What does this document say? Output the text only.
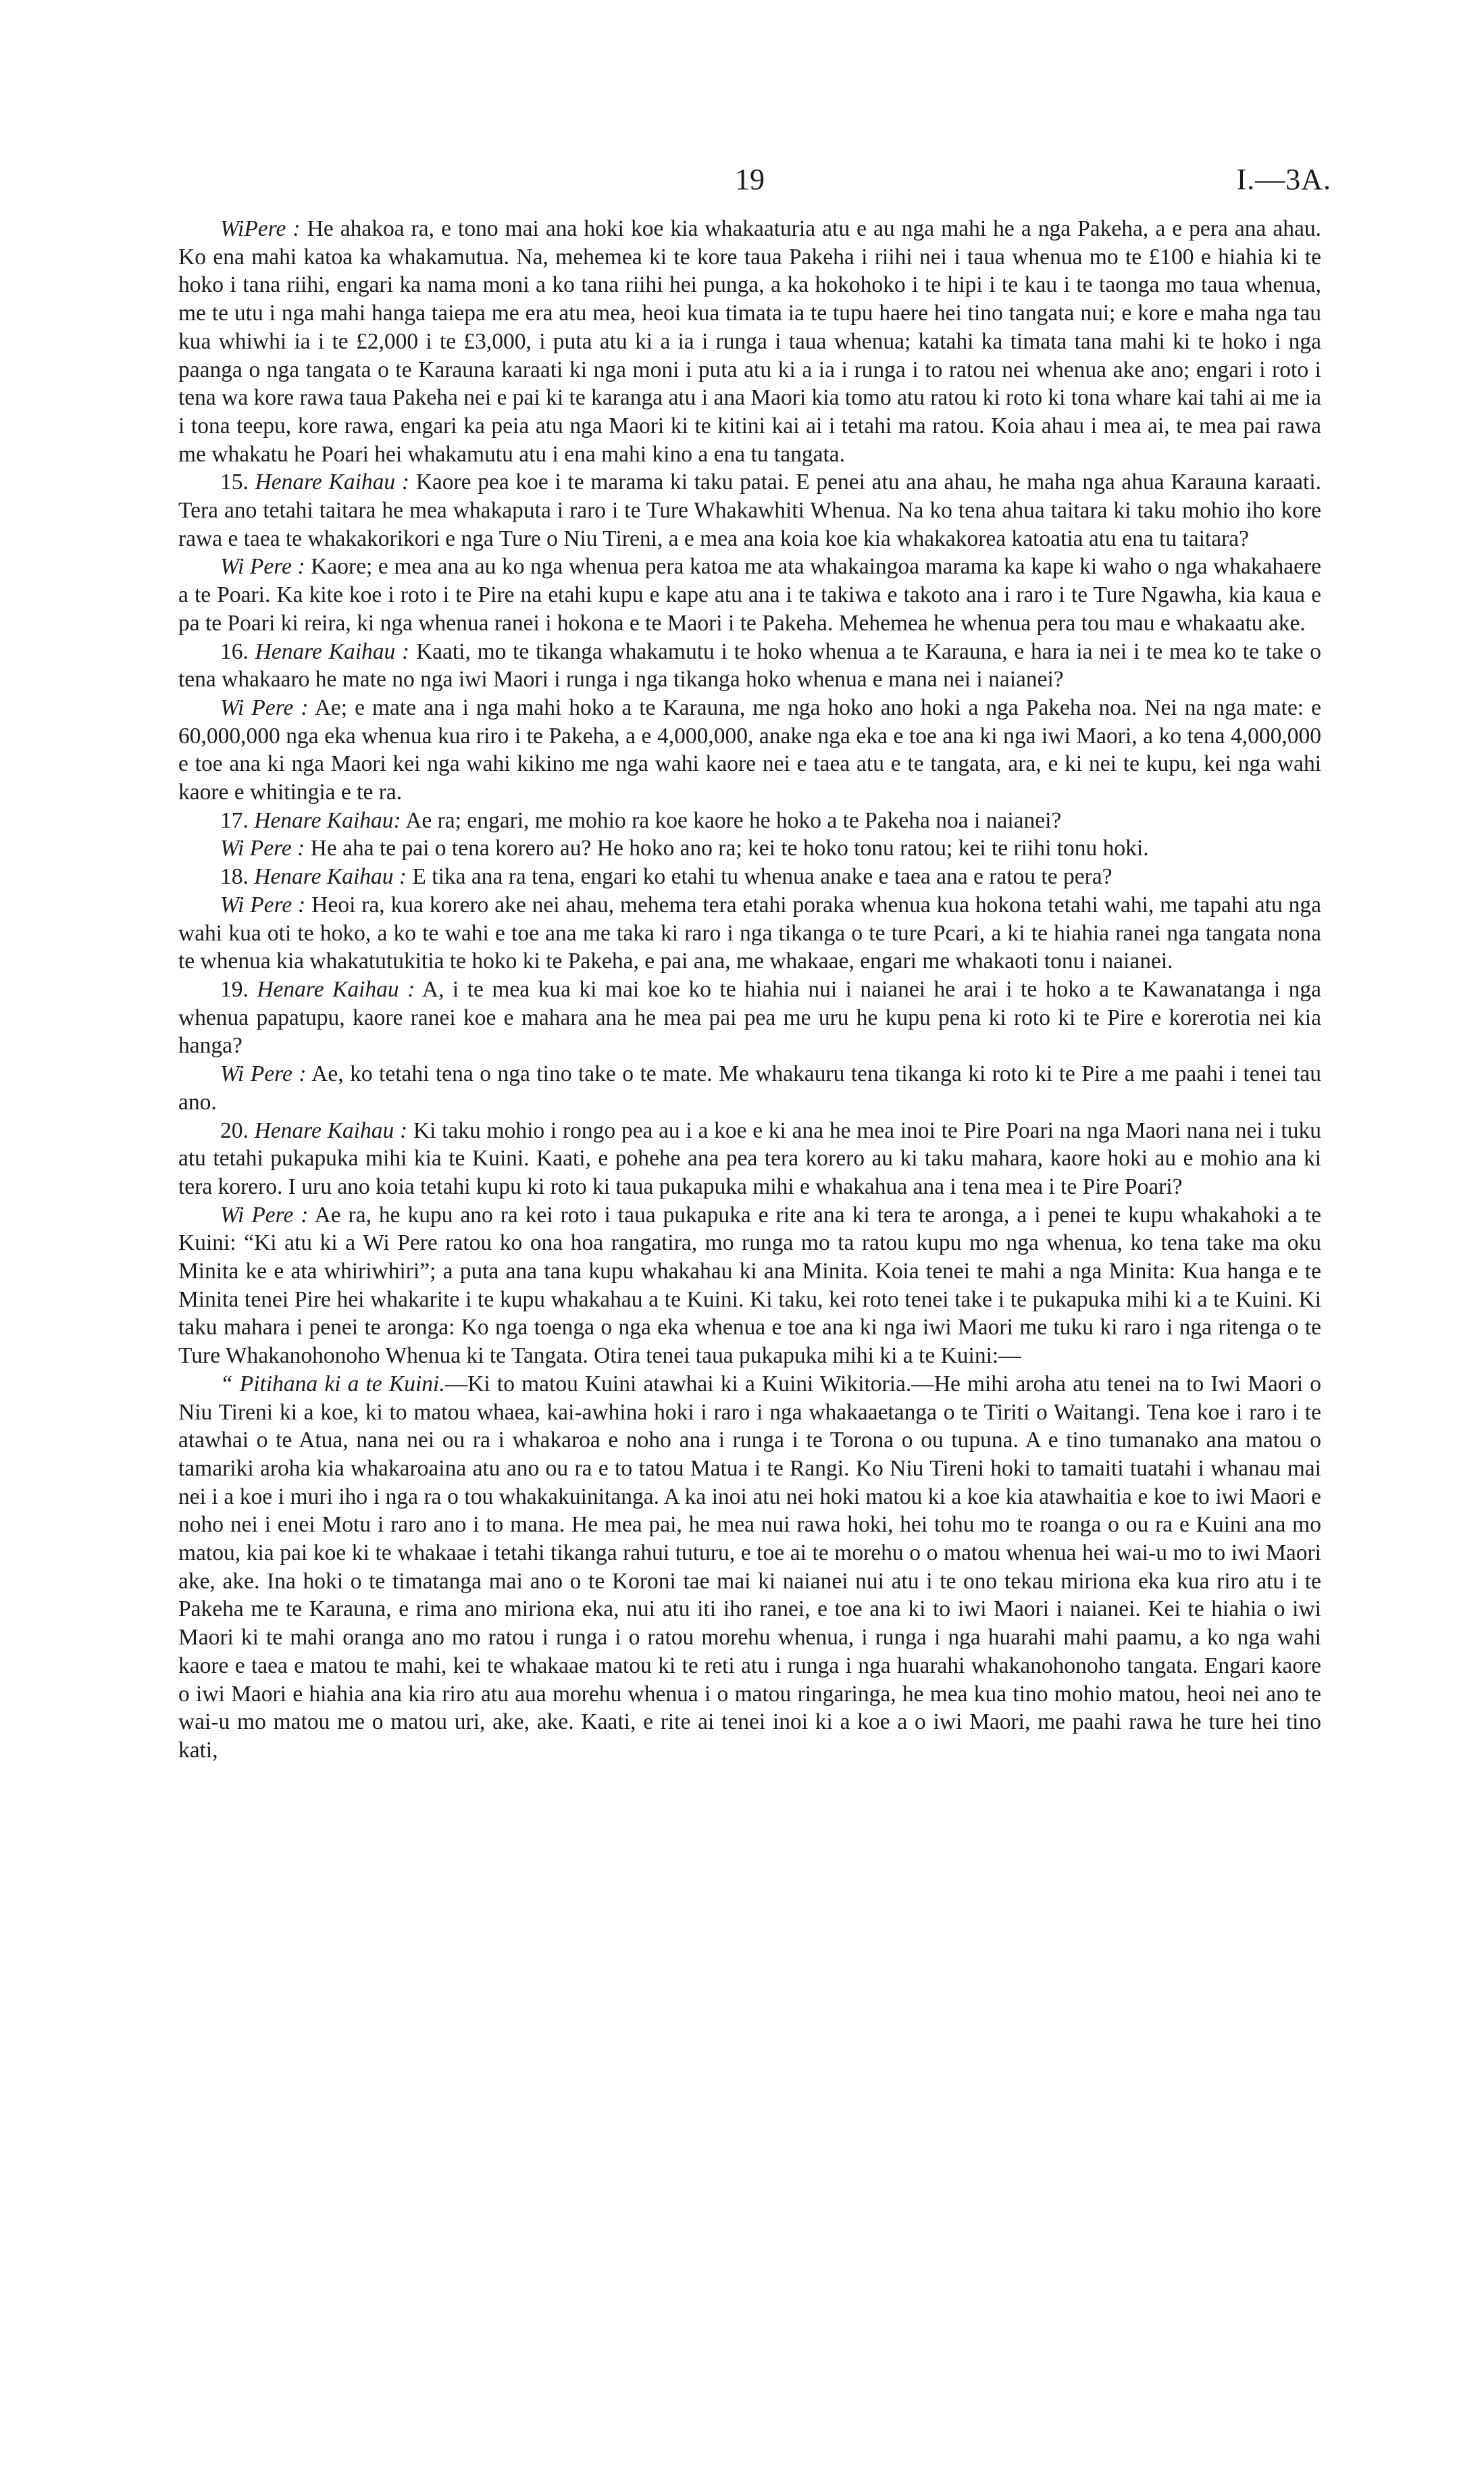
19	I.—3A.

WiPere : He ahakoa ra, e tono mai ana hoki koe kia whakaaturia atu e au nga mahi he a nga Pakeha, a e pera ana ahau. Ko ena mahi katoa ka whakamutua. Na, mehemea ki te kore taua Pakeha i riihi nei i taua whenua mo te £100 e hiahia ki te hoko i tana riihi, engari ka nama moni a ko tana riihi hei punga, a ka hokohoko i te hipi i te kau i te taonga mo taua whenua, me te utu i nga mahi hanga taiepa me era atu mea, heoi kua timata ia te tupu haere hei tino tangata nui; e kore e maha nga tau kua whiwhi ia i te £2,000 i te £3,000, i puta atu ki a ia i runga i taua whenua; katahi ka timata tana mahi ki te hoko i nga paanga o nga tangata o te Karauna karaati ki nga moni i puta atu ki a ia i runga i to ratou nei whenua ake ano; engari i roto i tena wa kore rawa taua Pakeha nei e pai ki te karanga atu i ana Maori kia tomo atu ratou ki roto ki tona whare kai tahi ai me ia i tona teepu, kore rawa, engari ka peia atu nga Maori ki te kitini kai ai i tetahi ma ratou. Koia ahau i mea ai, te mea pai rawa me whakatu he Poari hei whakamutu atu i ena mahi kino a ena tu tangata.

15. Henare Kaihau : Kaore pea koe i te marama ki taku patai. E penei atu ana ahau, he maha nga ahua Karauna karaati. Tera ano tetahi taitara he mea whakaputa i raro i te Ture Whakawhiti Whenua. Na ko tena ahua taitara ki taku mohio iho kore rawa e taea te whakakorikori e nga Ture o Niu Tireni, a e mea ana koia koe kia whakakorea katoatia atu ena tu taitara?

Wi Pere : Kaore; e mea ana au ko nga whenua pera katoa me ata whakaingoa marama ka kape ki waho o nga whakahaere a te Poari. Ka kite koe i roto i te Pire na etahi kupu e kape atu ana i te takiwa e takoto ana i raro i te Ture Ngawha, kia kaua e pa te Poari ki reira, ki nga whenua ranei i hokona e te Maori i te Pakeha. Mehemea he whenua pera tou mau e whakaatu ake.

16. Henare Kaihau : Kaati, mo te tikanga whakamutu i te hoko whenua a te Karauna, e hara ia nei i te mea ko te take o tena whakaaro he mate no nga iwi Maori i runga i nga tikanga hoko whenua e mana nei i naianei?

Wi Pere : Ae; e mate ana i nga mahi hoko a te Karauna, me nga hoko ano hoki a nga Pakeha noa. Nei na nga mate: e 60,000,000 nga eka whenua kua riro i te Pakeha, a e 4,000,000, anake nga eka e toe ana ki nga iwi Maori, a ko tena 4,000,000 e toe ana ki nga Maori kei nga wahi kikino me nga wahi kaore nei e taea atu e te tangata, ara, e ki nei te kupu, kei nga wahi kaore e whitingia e te ra.

17. Henare Kaihau: Ae ra; engari, me mohio ra koe kaore he hoko a te Pakeha noa i naianei?

Wi Pere : He aha te pai o tena korero au? He hoko ano ra; kei te hoko tonu ratou; kei te riihi tonu hoki.

18. Henare Kaihau : E tika ana ra tena, engari ko etahi tu whenua anake e taea ana e ratou te pera?

Wi Pere : Heoi ra, kua korero ake nei ahau, mehema tera etahi poraka whenua kua hokona tetahi wahi, me tapahi atu nga wahi kua oti te hoko, a ko te wahi e toe ana me taka ki raro i nga tikanga o te ture Pcari, a ki te hiahia ranei nga tangata nona te whenua kia whakatutukitia te hoko ki te Pakeha, e pai ana, me whakaae, engari me whakaoti tonu i naianei.

19. Henare Kaihau : A, i te mea kua ki mai koe ko te hiahia nui i naianei he arai i te hoko a te Kawanatanga i nga whenua papatupu, kaore ranei koe e mahara ana he mea pai pea me uru he kupu pena ki roto ki te Pire e korerotia nei kia hanga?

Wi Pere : Ae, ko tetahi tena o nga tino take o te mate. Me whakauru tena tikanga ki roto ki te Pire a me paahi i tenei tau ano.

20. Henare Kaihau : Ki taku mohio i rongo pea au i a koe e ki ana he mea inoi te Pire Poari na nga Maori nana nei i tuku atu tetahi pukapuka mihi kia te Kuini. Kaati, e pohehe ana pea tera korero au ki taku mahara, kaore hoki au e mohio ana ki tera korero. I uru ano koia tetahi kupu ki roto ki taua pukapuka mihi e whakahua ana i tena mea i te Pire Poari?

Wi Pere : Ae ra, he kupu ano ra kei roto i taua pukapuka e rite ana ki tera te aronga, a i penei te kupu whakahoki a te Kuini: “Ki atu ki a Wi Pere ratou ko ona hoa rangatira, mo runga mo ta ratou kupu mo nga whenua, ko tena take ma oku Minita ke e ata whiriwhiri”; a puta ana tana kupu whakahau ki ana Minita. Koia tenei te mahi a nga Minita: Kua hanga e te Minita tenei Pire hei whakarite i te kupu whakahau a te Kuini. Ki taku, kei roto tenei take i te pukapuka mihi ki a te Kuini. Ki taku mahara i penei te aronga: Ko nga toenga o nga eka whenua e toe ana ki nga iwi Maori me tuku ki raro i nga ritenga o te Ture Whakanohonoho Whenua ki te Tangata. Otira tenei taua pukapuka mihi ki a te Kuini:—

“ Pitihana ki a te Kuini.—Ki to matou Kuini atawhai ki a Kuini Wikitoria.—He mihi aroha atu tenei na to Iwi Maori o Niu Tireni ki a koe, ki to matou whaea, kai-awhina hoki i raro i nga whakaaetanga o te Tiriti o Waitangi. Tena koe i raro i te atawhai o te Atua, nana nei ou ra i whakaroa e noho ana i runga i te Torona o ou tupuna. A e tino tumanako ana matou o tamariki aroha kia whakaroaina atu ano ou ra e to tatou Matua i te Rangi. Ko Niu Tireni hoki to tamaiti tuatahi i whanau mai nei i a koe i muri iho i nga ra o tou whakakuinitanga. A ka inoi atu nei hoki matou ki a koe kia atawhaitia e koe to iwi Maori e noho nei i enei Motu i raro ano i to mana. He mea pai, he mea nui rawa hoki, hei tohu mo te roanga o ou ra e Kuini ana mo matou, kia pai koe ki te whakaae i tetahi tikanga rahui tuturu, e toe ai te morehu o o matou whenua hei wai-u mo to iwi Maori ake, ake. Ina hoki o te timatanga mai ano o te Koroni tae mai ki naianei nui atu i te ono tekau miriona eka kua riro atu i te Pakeha me te Karauna, e rima ano miriona eka, nui atu iti iho ranei, e toe ana ki to iwi Maori i naianei. Kei te hiahia o iwi Maori ki te mahi oranga ano mo ratou i runga i o ratou morehu whenua, i runga i nga huarahi mahi paamu, a ko nga wahi kaore e taea e matou te mahi, kei te whakaae matou ki te reti atu i runga i nga huarahi whakanohonoho tangata. Engari kaore o iwi Maori e hiahia ana kia riro atu aua morehu whenua i o matou ringaringa, he mea kua tino mohio matou, heoi nei ano te wai-u mo matou me o matou uri, ake, ake. Kaati, e rite ai tenei inoi ki a koe a o iwi Maori, me paahi rawa he ture hei tino kati,
